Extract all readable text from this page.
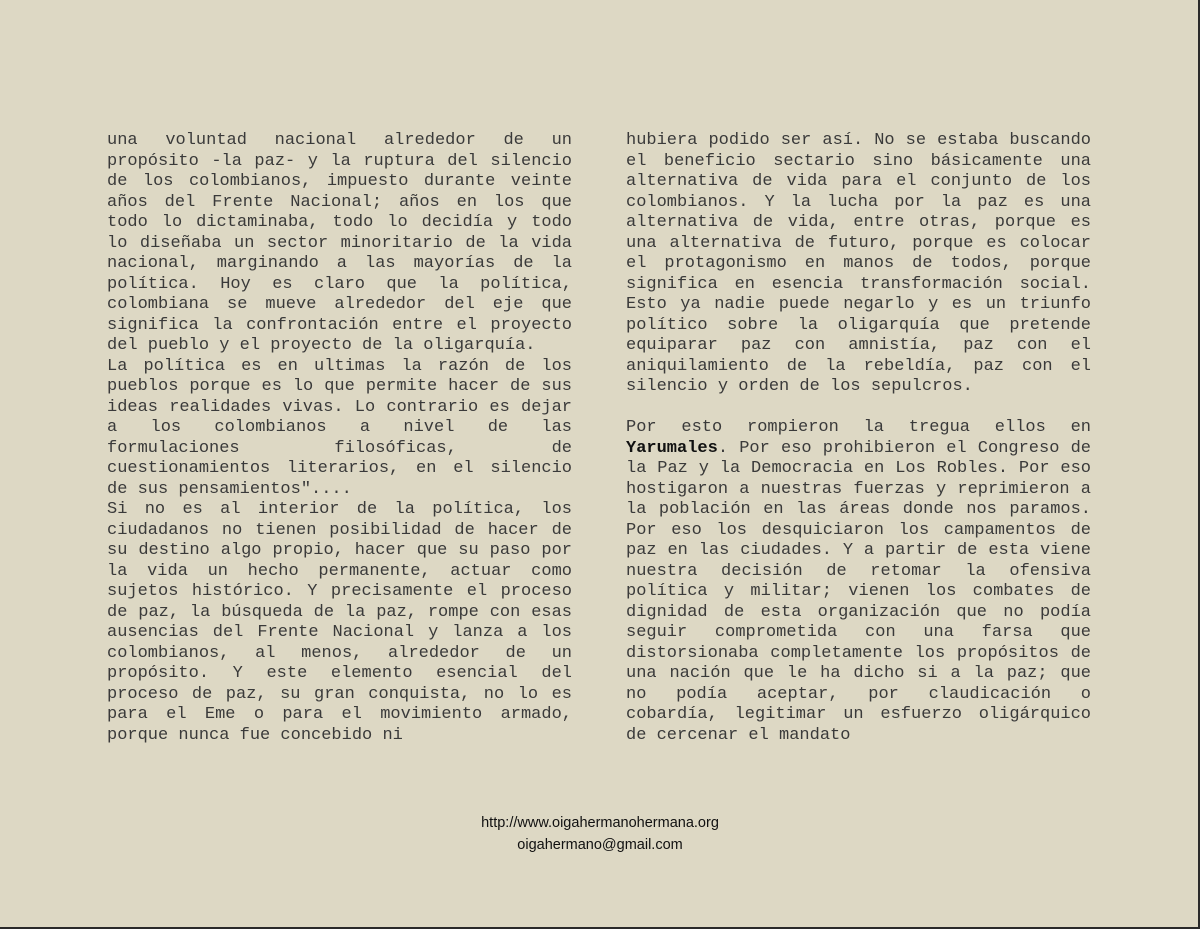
una voluntad nacional alrededor de un propósito -la paz- y la ruptura del silencio de los colombianos, impuesto durante veinte años del Frente Nacional; años en los que todo lo dictaminaba, todo lo decidía y todo lo diseñaba un sector minoritario de la vida nacional, marginando a las mayorías de la política. Hoy es claro que la política, colombiana se mueve alrededor del eje que significa la confrontación entre el proyecto del pueblo y el proyecto de la oligarquía.

La política es en ultimas la razón de los pueblos porque es lo que permite hacer de sus ideas realidades vivas. Lo contrario es dejar a los colombianos a nivel de las formulaciones filosóficas, de cuestionamientos literarios, en el silencio de sus pensamientos"....

Si no es al interior de la política, los ciudadanos no tienen posibilidad de hacer de su destino algo propio, hacer que su paso por la vida un hecho permanente, actuar como sujetos histórico. Y precisamente el proceso de paz, la búsqueda de la paz, rompe con esas ausencias del Frente Nacional y lanza a los colombianos, al menos, alrededor de un propósito. Y este elemento esencial del proceso de paz, su gran conquista, no lo es para el Eme o para el movimiento armado, porque nunca fue concebido ni

hubiera podido ser así. No se estaba buscando el beneficio sectario sino básicamente una alternativa de vida para el conjunto de los colombianos. Y la lucha por la paz es una alternativa de vida, entre otras, porque es una alternativa de futuro, porque es colocar el protagonismo en manos de todos, porque significa en esencia transformación social. Esto ya nadie puede negarlo y es un triunfo político sobre la oligarquía que pretende equiparar paz con amnistía, paz con el aniquilamiento de la rebeldía, paz con el silencio y orden de los sepulcros.

Por esto rompieron la tregua ellos en Yarumales. Por eso prohibieron el Congreso de la Paz y la Democracia en Los Robles. Por eso hostigaron a nuestras fuerzas y reprimieron a la población en las áreas donde nos paramos. Por eso los desquiciaron los campamentos de paz en las ciudades. Y a partir de esta viene nuestra decisión de retomar la ofensiva política y militar; vienen los combates de dignidad de esta organización que no podía seguir comprometida con una farsa que distorsionaba completamente los propósitos de una nación que le ha dicho si a la paz; que no podía aceptar, por claudicación o cobardía, legitimar un esfuerzo oligárquico de cercenar el mandato

http://www.oigahermanohermana.org
oigahermano@gmail.com
